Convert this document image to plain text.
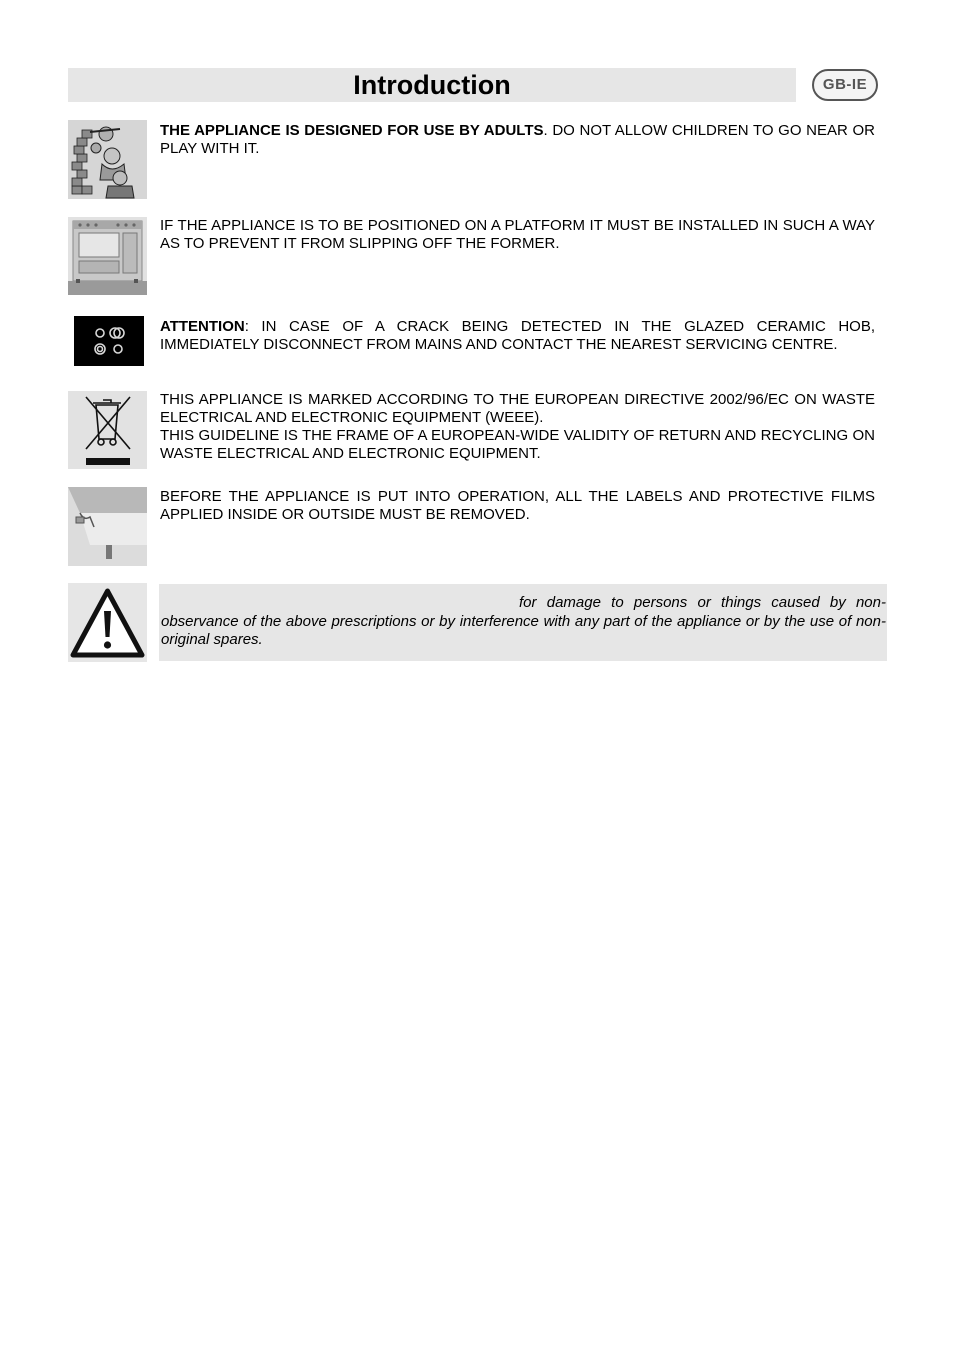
Introduction	GB-IE

THE APPLIANCE IS DESIGNED FOR USE BY ADULTS. DO NOT ALLOW CHILDREN TO GO NEAR OR PLAY WITH IT.

IF THE APPLIANCE IS TO BE POSITIONED ON A PLATFORM IT MUST BE INSTALLED IN SUCH A WAY AS TO PREVENT IT FROM SLIPPING OFF THE FORMER.

ATTENTION: IN CASE OF A CRACK BEING DETECTED IN THE GLAZED CERAMIC HOB, IMMEDIATELY DISCONNECT FROM MAINS AND CONTACT THE NEAREST SERVICING CENTRE.

THIS APPLIANCE IS MARKED ACCORDING TO THE EUROPEAN DIRECTIVE 2002/96/EC ON WASTE ELECTRICAL AND ELECTRONIC EQUIPMENT (WEEE).

THIS GUIDELINE IS THE FRAME OF A EUROPEAN-WIDE VALIDITY OF RETURN AND RECYCLING ON WASTE ELECTRICAL AND ELECTRONIC EQUIPMENT.

BEFORE THE APPLIANCE IS PUT INTO OPERATION, ALL THE LABELS AND PROTECTIVE FILMS APPLIED INSIDE OR OUTSIDE MUST BE REMOVED.

for damage to persons or things caused by non-observance of the above prescriptions or by interference with any part of the appliance or by the use of non-original spares.
